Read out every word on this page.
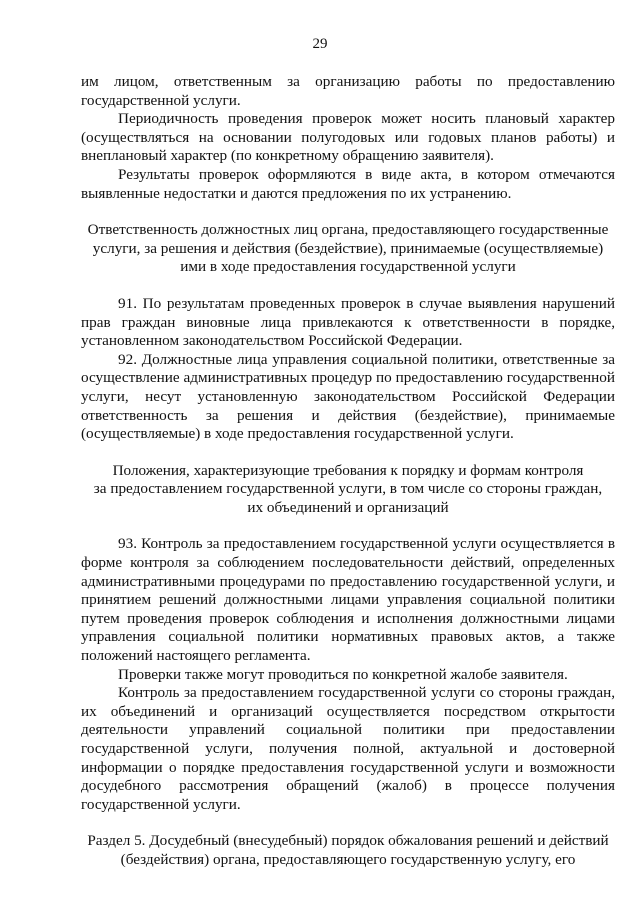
29

им лицом, ответственным за организацию работы по предоставлению государственной услуги.

Периодичность проведения проверок может носить плановый характер (осуществляться на основании полугодовых или годовых планов работы) и внеплановый характер (по конкретному обращению заявителя).

Результаты проверок оформляются в виде акта, в котором отмечаются выявленные недостатки и даются предложения по их устранению.

Ответственность должностных лиц органа, предоставляющего государственные
услуги, за решения и действия (бездействие), принимаемые (осуществляемые)
ими в ходе предоставления государственной услуги

91. По результатам проведенных проверок в случае выявления нарушений прав граждан виновные лица привлекаются к ответственности в порядке, установленном законодательством Российской Федерации.

92. Должностные лица управления социальной политики, ответственные за осуществление административных процедур по предоставлению государственной услуги, несут установленную законодательством Российской Федерации ответственность за решения и действия (бездействие), принимаемые (осуществляемые) в ходе предоставления государственной услуги.

Положения, характеризующие требования к порядку и формам контроля
за предоставлением государственной услуги, в том числе со стороны граждан,
их объединений и организаций

93. Контроль за предоставлением государственной услуги осуществляется в форме контроля за соблюдением последовательности действий, определенных административными процедурами по предоставлению государственной услуги, и принятием решений должностными лицами управления социальной политики путем проведения проверок соблюдения и исполнения должностными лицами управления социальной политики нормативных правовых актов, а также положений настоящего регламента.

Проверки также могут проводиться по конкретной жалобе заявителя.

Контроль за предоставлением государственной услуги со стороны граждан, их объединений и организаций осуществляется посредством открытости деятельности управлений социальной политики при предоставлении государственной услуги, получения полной, актуальной и достоверной информации о порядке предоставления государственной услуги и возможности досудебного рассмотрения обращений (жалоб) в процессе получения государственной услуги.

Раздел 5. Досудебный (внесудебный) порядок обжалования решений и действий
(бездействия) органа, предоставляющего государственную услугу, его
